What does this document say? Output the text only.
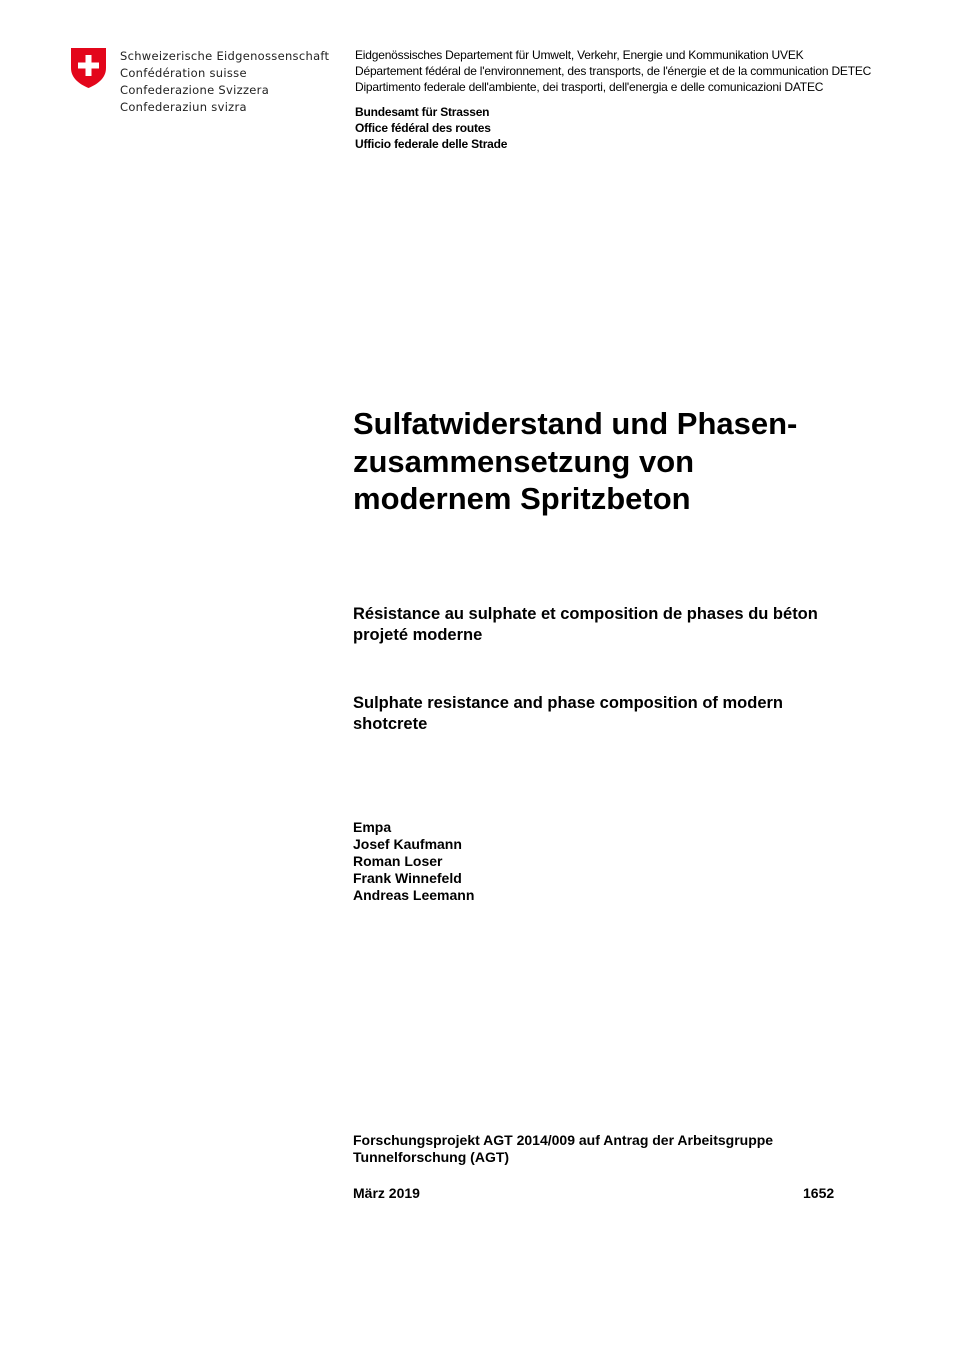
Schweizerische Eidgenossenschaft
Confédération suisse
Confederazione Svizzera
Confederaziun svizra
Eidgenössisches Departement für Umwelt, Verkehr, Energie und Kommunikation UVEK
Département fédéral de l'environnement, des transports, de l'énergie et de la communication DETEC
Dipartimento federale dell'ambiente, dei trasporti, dell'energia e delle comunicazioni DATEC
Bundesamt für Strassen
Office fédéral des routes
Ufficio federale delle Strade
Sulfatwiderstand und Phasen-
zusammensetzung von
modernem Spritzbeton
Résistance au sulphate et composition de phases du béton
projeté moderne
Sulphate resistance and phase composition of modern
shotcrete
Empa
Josef Kaufmann
Roman Loser
Frank Winnefeld
Andreas Leemann
Forschungsprojekt AGT 2014/009 auf Antrag der Arbeitsgruppe
Tunnelforschung (AGT)
März 2019	1652
